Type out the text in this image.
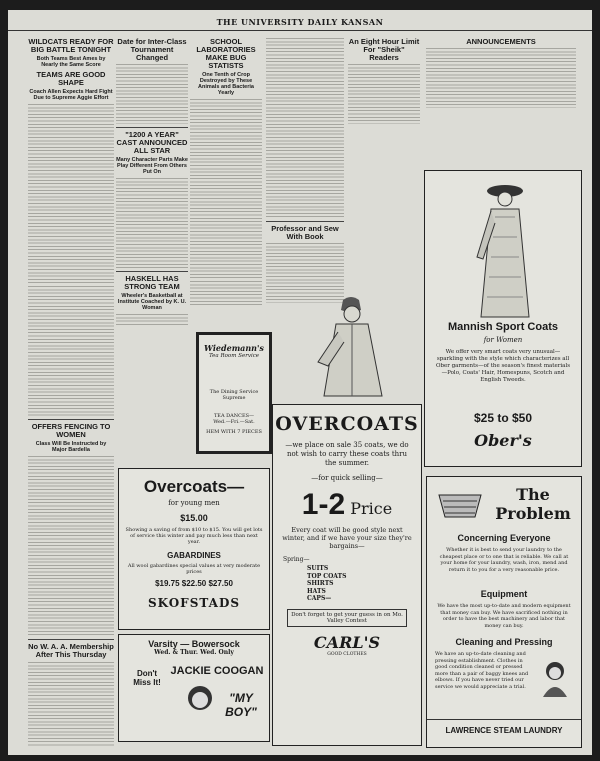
THE UNIVERSITY DAILY KANSAN
WILDCATS READY FOR BIG BATTLE TONIGHT
Both Teams Best Ames by Nearly the Same Score
TEAMS ARE GOOD SHAPE
Coach Allen Expects Hard Fight Due to Supreme Aggie Effort
OFFERS FENCING TO WOMEN
Class Will Be Instructed by Major Bardella
No W. A. A. Membership After This Thursday
Date for Inter-Class Tournament Changed
"1200 A YEAR" CAST ANNOUNCED ALL STAR
Many Character Parts Make Play Different From Others Put On
HASKELL HAS STRONG TEAM
Wheeler's Basketball at Institute Coached by K. U. Woman
SCHOOL LABORATORIES MAKE BUG STATISTS
One Tenth of Crop Destroyed by These Animals and Bacteria Yearly
Professor and Sew With Book
An Eight Hour Limit For "Sheik" Readers
ANNOUNCEMENTS
Wiedemann's
Tea Room Service
The Dining Service Supreme
TEA DANCES—
Wed.—Fri.—Sat.
HEM WITH 7 PIECES
Overcoats—
for young men
$15.00
Showing a saving of from $10 to $15. You will get lots of service this winter and pay much less than next year.
GABARDINES
All wool gabardines special values at very moderate prices
$19.75 $22.50 $27.50
SKOFSTADS
Varsity — Bowersock
Wed. & Thur. Wed. Only
Don't Miss It!
JACKIE COOGAN
"MY BOY"
OVERCOATS
—we place on sale 35 coats, we do not wish to carry these coats thru the summer.
—for quick selling—
1-2 Price
Every coat will be good style next winter, and if we have your size they're bargains—
Spring—
SUITS
TOP COATS
SHIRTS
HATS
CAPS—
Don't forget to get your guess in on Mo. Valley Contest
CARL'S
GOOD CLOTHES
Mannish Sport Coats
for Women
We offer very smart coats very unusual—sparkling with the style which characterizes all Ober garments—of the season's finest materials—Polo, Coats' Hair, Homespuns, Scotch and English Tweeds.
$25 to $50
Ober's
The Problem
Concerning Everyone
Whether it is best to send your laundry to the cheapest place or to one that is reliable. We call at your home for your laundry, wash, iron, mend and return it to you for a very reasonable price.
Equipment
We have the most up-to-date and modern equipment that money can buy. We have sacrificed nothing in order to have the best machinery and labor that money can buy.
Cleaning and Pressing
We have an up-to-date cleaning and pressing establishment. Clothes in good condition cleaned or pressed more than a pair of baggy knees and elbows. If you have never tried our service we would appreciate a trial.
LAWRENCE STEAM LAUNDRY
